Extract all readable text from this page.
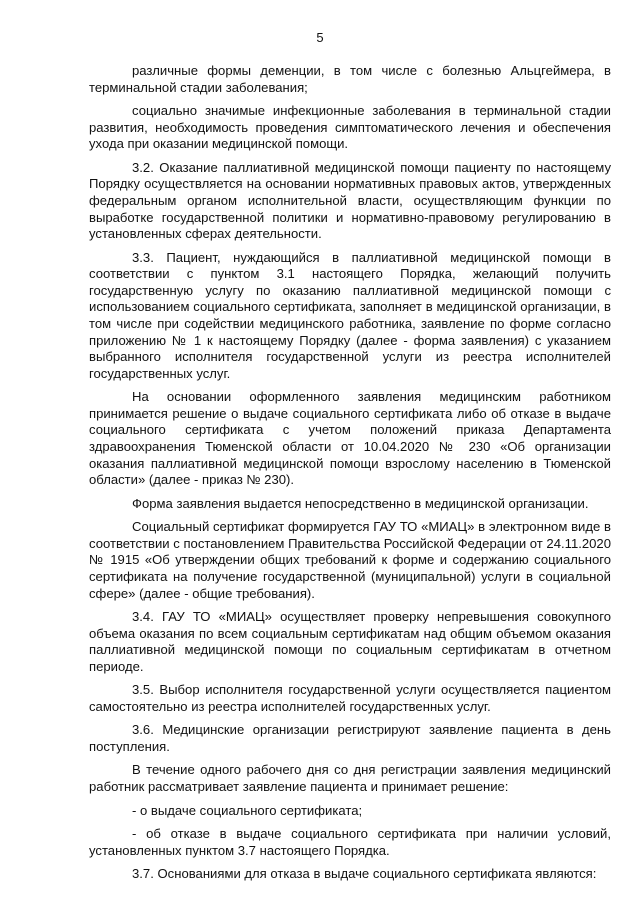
5

различные формы деменции, в том числе с болезнью Альцгеймера, в терминальной стадии заболевания;

социально значимые инфекционные заболевания в терминальной стадии развития, необходимость проведения симптоматического лечения и обеспечения ухода при оказании медицинской помощи.

3.2. Оказание паллиативной медицинской помощи пациенту по настоящему Порядку осуществляется на основании нормативных правовых актов, утвержденных федеральным органом исполнительной власти, осуществляющим функции по выработке государственной политики и нормативно-правовому регулированию в установленных сферах деятельности.

3.3. Пациент, нуждающийся в паллиативной медицинской помощи в соответствии с пунктом 3.1 настоящего Порядка, желающий получить государственную услугу по оказанию паллиативной медицинской помощи с использованием социального сертификата, заполняет в медицинской организации, в том числе при содействии медицинского работника, заявление по форме согласно приложению № 1 к настоящему Порядку (далее - форма заявления) с указанием выбранного исполнителя государственной услуги из реестра исполнителей государственных услуг.

На основании оформленного заявления медицинским работником принимается решение о выдаче социального сертификата либо об отказе в выдаче социального сертификата с учетом положений приказа Департамента здравоохранения Тюменской области от 10.04.2020 № 230 «Об организации оказания паллиативной медицинской помощи взрослому населению в Тюменской области» (далее - приказ № 230).

Форма заявления выдается непосредственно в медицинской организации.

Социальный сертификат формируется ГАУ ТО «МИАЦ» в электронном виде в соответствии с постановлением Правительства Российской Федерации от 24.11.2020 № 1915 «Об утверждении общих требований к форме и содержанию социального сертификата на получение государственной (муниципальной) услуги в социальной сфере» (далее - общие требования).

3.4. ГАУ ТО «МИАЦ» осуществляет проверку непревышения совокупного объема оказания по всем социальным сертификатам над общим объемом оказания паллиативной медицинской помощи по социальным сертификатам в отчетном периоде.

3.5. Выбор исполнителя государственной услуги осуществляется пациентом самостоятельно из реестра исполнителей государственных услуг.

3.6. Медицинские организации регистрируют заявление пациента в день поступления.

В течение одного рабочего дня со дня регистрации заявления медицинский работник рассматривает заявление пациента и принимает решение:

- о выдаче социального сертификата;

- об отказе в выдаче социального сертификата при наличии условий, установленных пунктом 3.7 настоящего Порядка.

3.7. Основаниями для отказа в выдаче социального сертификата являются:
